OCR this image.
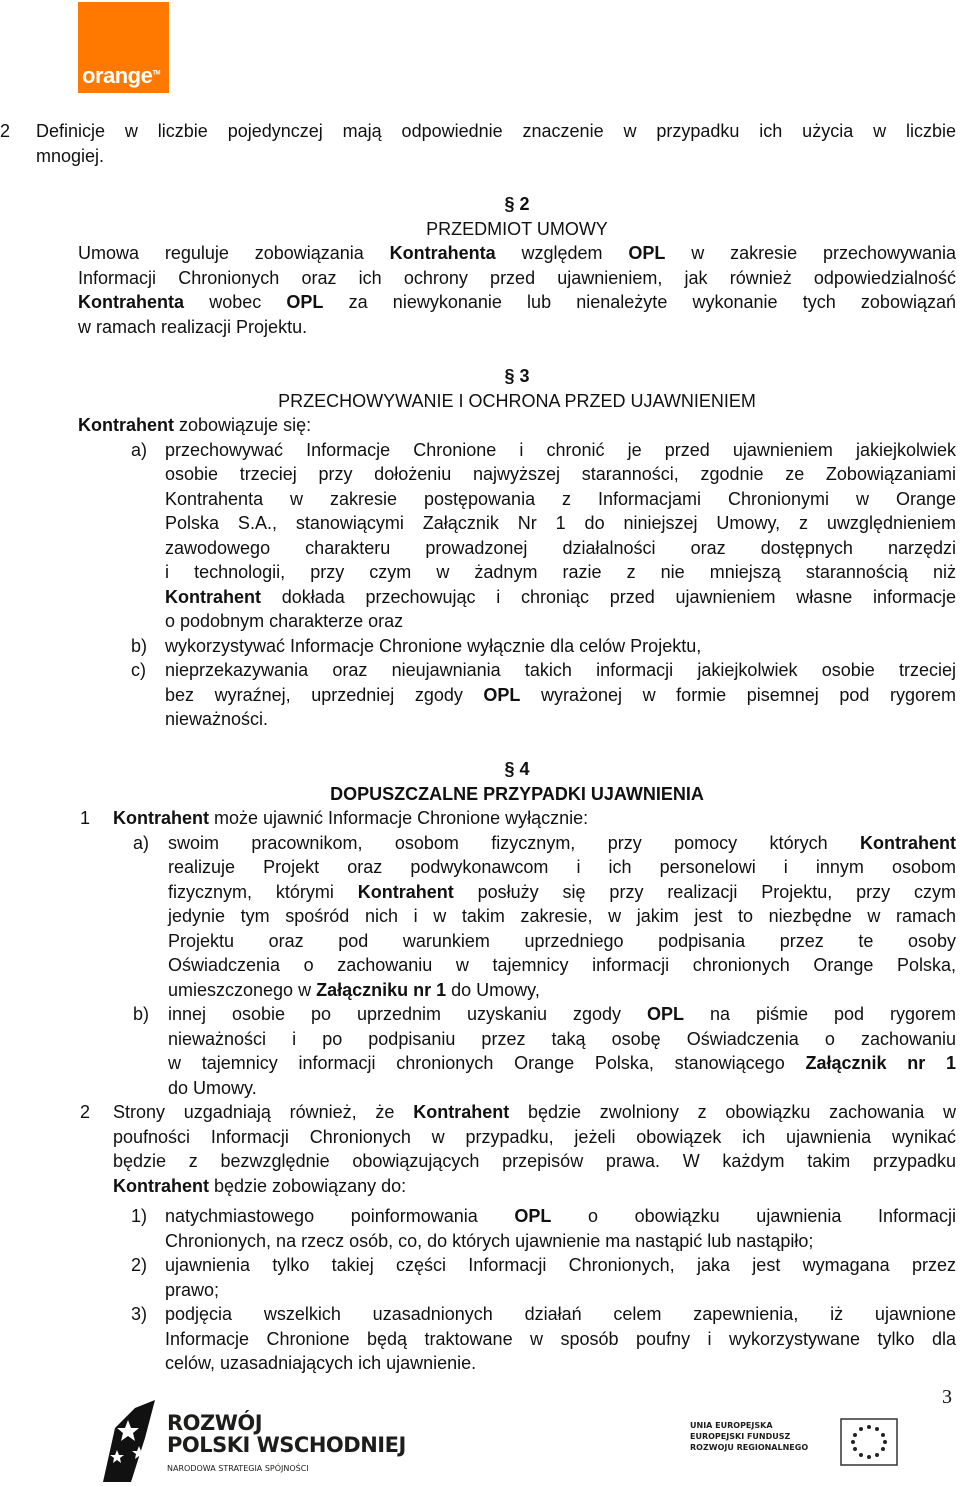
orange™
2 Definicje w liczbie pojedynczej mają odpowiednie znaczenie w przypadku ich użycia w liczbie
mnogiej.
§ 2
PRZEDMIOT UMOWY
Umowa reguluje zobowiązania Kontrahenta względem OPL w zakresie przechowywania
Informacji Chronionych oraz ich ochrony przed ujawnieniem, jak również odpowiedzialność
Kontrahenta wobec OPL za niewykonanie lub nienależyte wykonanie tych zobowiązań
w ramach realizacji Projektu.
§ 3
PRZECHOWYWANIE I OCHRONA PRZED UJAWNIENIEM
Kontrahent zobowiązuje się:
a) przechowywać Informacje Chronione i chronić je przed ujawnieniem jakiejkolwiek
osobie trzeciej przy dołożeniu najwyższej staranności, zgodnie ze Zobowiązaniami
Kontrahenta w zakresie postępowania z Informacjami Chronionymi w Orange
Polska S.A., stanowiącymi Załącznik Nr 1 do niniejszej Umowy, z uwzględnieniem
zawodowego charakteru prowadzonej działalności oraz dostępnych narzędzi
i technologii, przy czym w żadnym razie z nie mniejszą starannością niż
Kontrahent dokłada przechowując i chroniąc przed ujawnieniem własne informacje
o podobnym charakterze oraz
b) wykorzystywać Informacje Chronione wyłącznie dla celów Projektu,
c) nieprzekazywania oraz nieujawniania takich informacji jakiejkolwiek osobie trzeciej
bez wyraźnej, uprzedniej zgody OPL wyrażonej w formie pisemnej pod rygorem
nieważności.
§ 4
DOPUSZCZALNE PRZYPADKI UJAWNIENIA
1 Kontrahent może ujawnić Informacje Chronione wyłącznie:
a) swoim pracownikom, osobom fizycznym, przy pomocy których Kontrahent
realizuje Projekt oraz podwykonawcom i ich personelowi i innym osobom
fizycznym, którymi Kontrahent posłuży się przy realizacji Projektu, przy czym
jedynie tym spośród nich i w takim zakresie, w jakim jest to niezbędne w ramach
Projektu oraz pod warunkiem uprzedniego podpisania przez te osoby
Oświadczenia o zachowaniu w tajemnicy informacji chronionych Orange Polska,
umieszczonego w Załączniku nr 1 do Umowy,
b) innej osobie po uprzednim uzyskaniu zgody OPL na piśmie pod rygorem
nieważności i po podpisaniu przez taką osobę Oświadczenia o zachowaniu
w tajemnicy informacji chronionych Orange Polska, stanowiącego Załącznik nr 1
do Umowy.
2 Strony uzgadniają również, że Kontrahent będzie zwolniony z obowiązku zachowania w
poufności Informacji Chronionych w przypadku, jeżeli obowiązek ich ujawnienia wynikać
będzie z bezwzględnie obowiązujących przepisów prawa. W każdym takim przypadku
Kontrahent będzie zobowiązany do:
1) natychmiastowego poinformowania OPL o obowiązku ujawnienia Informacji
Chronionych, na rzecz osób, co, do których ujawnienie ma nastąpić lub nastąpiło;
2) ujawnienia tylko takiej części Informacji Chronionych, jaka jest wymagana przez
prawo;
3) podjęcia wszelkich uzasadnionych działań celem zapewnienia, iż ujawnione
Informacje Chronione będą traktowane w sposób poufny i wykorzystywane tylko dla
celów, uzasadniających ich ujawnienie.
3
ROZWÓJ
POLSKI WSCHODNIEJ
NARODOWA STRATEGIA SPÓJNOŚCI
UNIA EUROPEJSKA
EUROPEJSKI FUNDUSZ
ROZWOJU REGIONALNEGO
